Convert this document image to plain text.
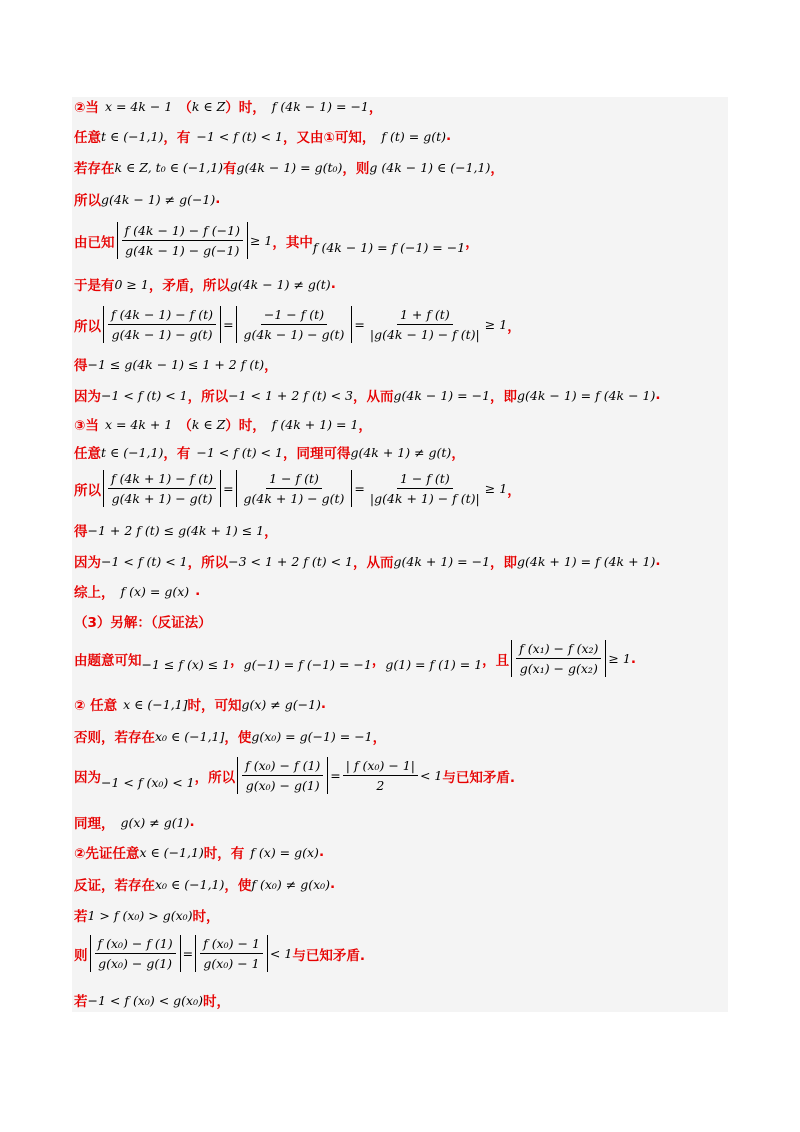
②当 x = 4k − 1 （ k ∈ Z ）时， f (4k − 1) = −1 ，
任意 t ∈ (−1,1) ，有 −1 < f (t) < 1 ，又由①可知， f (t) = g(t) .
若存在 k ∈ Z, t₀ ∈ (−1,1) 有 g(4k − 1) = g(t₀) ，则 g (4k − 1) ∈ (−1,1) ，
所以 g(4k − 1) ≠ g(−1) .
由已知 $\frac{f (4k - 1) - f (-1)}{g(4k - 1) - g(-1)} \ge 1$ ，其中 f (4k − 1) = f (−1) = −1 ，
于是有 0 ≥ 1 ，矛盾，所以 g(4k − 1) ≠ g(t) .
所以 $\frac{f (4k - 1) - f (t)}{g(4k - 1) - g(t)} = \frac{-1 - f (t)}{g(4k - 1) - g(t)} = \frac{1 + f (t)}{|g(4k - 1) - f (t)|} \ge 1$ ，
得 −1 ≤ g(4k − 1) ≤ 1 + 2 f (t) ，
因为 −1 < f (t) < 1 ，所以 −1 < 1 + 2 f (t) < 3 ，从而 g(4k − 1) = −1 ，即 g(4k − 1) = f (4k − 1) .
③当 x = 4k + 1 （ k ∈ Z ）时， f (4k + 1) = 1 ，
任意 t ∈ (−1,1) ，有 −1 < f (t) < 1 ，同理可得 g(4k + 1) ≠ g(t) ，
所以 $\frac{f (4k + 1) - f (t)}{g(4k + 1) - g(t)} = \frac{1 - f (t)}{g(4k + 1) - g(t)} = \frac{1 - f (t)}{|g(4k + 1) - f (t)|} \ge 1$ ，
得 −1 + 2 f (t) ≤ g(4k + 1) ≤ 1 ，
因为 −1 < f (t) < 1 ，所以 −3 < 1 + 2 f (t) < 1 ，从而 g(4k + 1) = −1 ，即 g(4k + 1) = f (4k + 1) .
综上， f (x) = g(x) .
（3）另解：（反证法）
由题意可知 −1 ≤ f (x) ≤ 1 ， g(−1) = f (−1) = −1 ， g(1) = f (1) = 1 ，且 $\frac{\text{f (x₁) − f (x₂)}}{\text{g(x₁) − g(x₂)}} \ge 1$ .
② 任意 x ∈ (−1,1] 时，可知 g(x) ≠ g(−1) .
否则，若存在 x₀ ∈ (−1,1] ，使 g(x₀) = g(−1) = −1 ，
因为 −1 < f (x₀) < 1 ，所以 $\frac{\text{f (x₀) − f (1)}}{\text{g(x₀) − g(1)}} = \frac{\text{| f (x₀) − 1|}}{2} < 1$ 与已知矛盾.
同理， g(x) ≠ g(1) .
②先证任意 x ∈ (−1,1) 时，有 f (x) = g(x) .
反证，若存在 x₀ ∈ (−1,1) ，使 f (x₀) ≠ g(x₀) .
若 1 > f (x₀) > g(x₀) 时，
则 $\frac{\text{f (x₀) − f (1)}}{\text{g(x₀) − g(1)}} = \frac{\text{f (x₀) − 1}}{\text{g(x₀) − 1}} < 1$ 与已知矛盾.
若 −1 < f (x₀) < g(x₀) 时，
